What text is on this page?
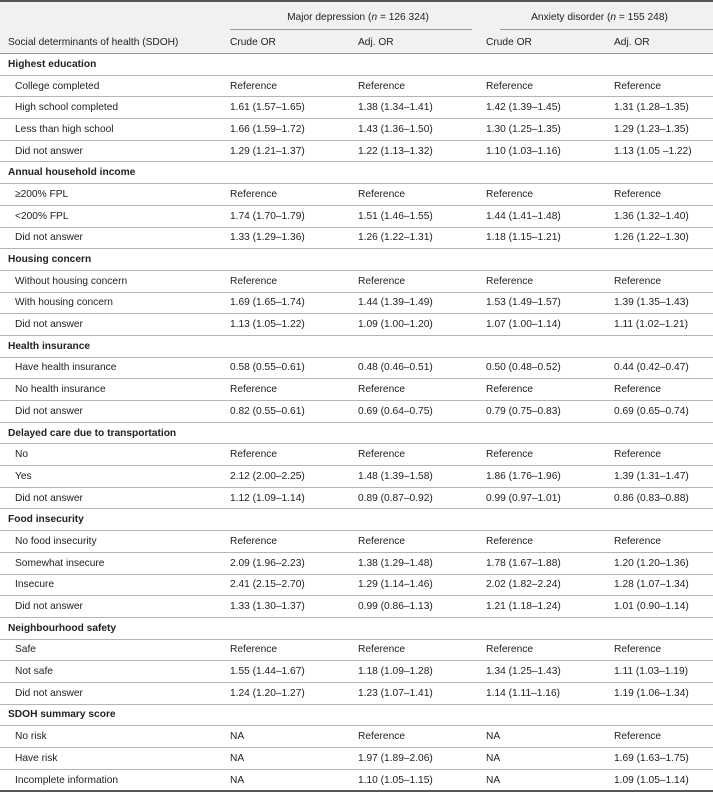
	Major depression (n = 126 324)		Anxiety disorder (n = 155 248)	

Social determinants of health (SDOH)	Crude OR	Adj. OR	Crude OR	Adj. OR
Highest education				
College completed	Reference	Reference	Reference	Reference
High school completed	1.61 (1.57–1.65)	1.38 (1.34–1.41)	1.42 (1.39–1.45)	1.31 (1.28–1.35)
Less than high school	1.66 (1.59–1.72)	1.43 (1.36–1.50)	1.30 (1.25–1.35)	1.29 (1.23–1.35)
Did not answer	1.29 (1.21–1.37)	1.22 (1.13–1.32)	1.10 (1.03–1.16)	1.13 (1.05 –1.22)
Annual household income				
≥200% FPL	Reference	Reference	Reference	Reference
<200% FPL	1.74 (1.70–1.79)	1.51 (1.46–1.55)	1.44 (1.41–1.48)	1.36 (1.32–1.40)
Did not answer	1.33 (1.29–1.36)	1.26 (1.22–1.31)	1.18 (1.15–1.21)	1.26 (1.22–1.30)
Housing concern				
Without housing concern	Reference	Reference	Reference	Reference
With housing concern	1.69 (1.65–1.74)	1.44 (1.39–1.49)	1.53 (1.49–1.57)	1.39 (1.35–1.43)
Did not answer	1.13 (1.05–1.22)	1.09 (1.00–1.20)	1.07 (1.00–1.14)	1.11 (1.02–1.21)
Health insurance				
Have health insurance	0.58 (0.55–0.61)	0.48 (0.46–0.51)	0.50 (0.48–0.52)	0.44 (0.42–0.47)
No health insurance	Reference	Reference	Reference	Reference
Did not answer	0.82 (0.55–0.61)	0.69 (0.64–0.75)	0.79 (0.75–0.83)	0.69 (0.65–0.74)
Delayed care due to transportation				
No	Reference	Reference	Reference	Reference
Yes	2.12 (2.00–2.25)	1.48 (1.39–1.58)	1.86 (1.76–1.96)	1.39 (1.31–1.47)
Did not answer	1.12 (1.09–1.14)	0.89 (0.87–0.92)	0.99 (0.97–1.01)	0.86 (0.83–0.88)
Food insecurity				
No food insecurity	Reference	Reference	Reference	Reference
Somewhat insecure	2.09 (1.96–2.23)	1.38 (1.29–1.48)	1.78 (1.67–1.88)	1.20 (1.20–1.36)
Insecure	2.41 (2.15–2.70)	1.29 (1.14–1.46)	2.02 (1.82–2.24)	1.28 (1.07–1.34)
Did not answer	1.33 (1.30–1.37)	0.99 (0.86–1.13)	1.21 (1.18–1.24)	1.01 (0.90–1.14)
Neighbourhood safety				
Safe	Reference	Reference	Reference	Reference
Not safe	1.55 (1.44–1.67)	1.18 (1.09–1.28)	1.34 (1.25–1.43)	1.11 (1.03–1.19)
Did not answer	1.24 (1.20–1.27)	1.23 (1.07–1.41)	1.14 (1.11–1.16)	1.19 (1.06–1.34)
SDOH summary score				
No risk	NA	Reference	NA	Reference
Have risk	NA	1.97 (1.89–2.06)	NA	1.69 (1.63–1.75)
Incomplete information	NA	1.10 (1.05–1.15)	NA	1.09 (1.05–1.14)
